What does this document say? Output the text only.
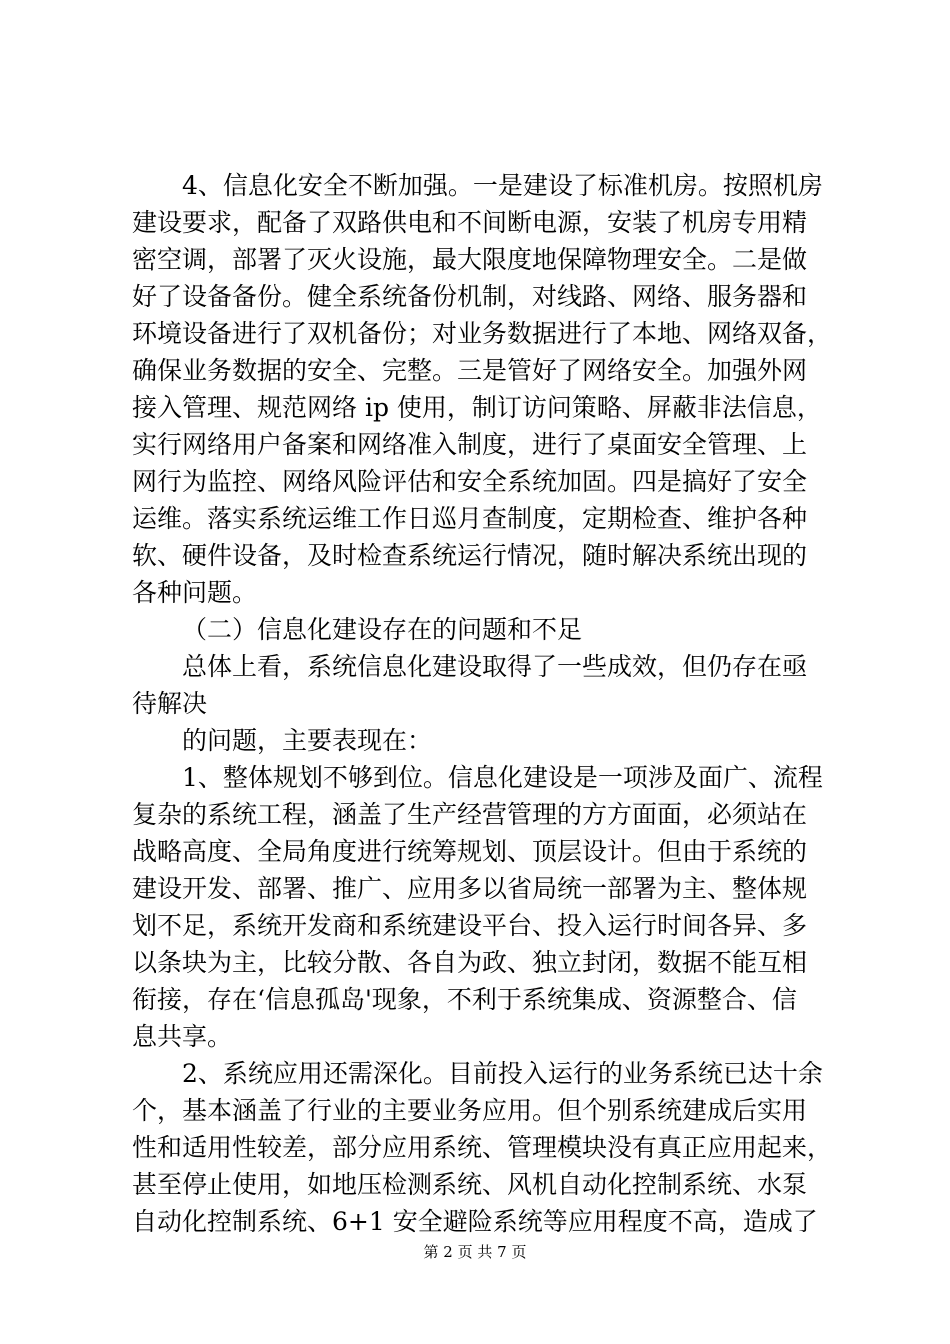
4、信息化安全不断加强。一是建设了标准机房。按照机房
建设要求，配备了双路供电和不间断电源，安装了机房专用精
密空调，部署了灭火设施，最大限度地保障物理安全。二是做
好了设备备份。健全系统备份机制，对线路、网络、服务器和
环境设备进行了双机备份；对业务数据进行了本地、网络双备，
确保业务数据的安全、完整。三是管好了网络安全。加强外网
接入管理、规范网络 ip 使用，制订访问策略、屏蔽非法信息，
实行网络用户备案和网络准入制度，进行了桌面安全管理、上
网行为监控、网络风险评估和安全系统加固。四是搞好了安全
运维。落实系统运维工作日巡月查制度，定期检查、维护各种
软、硬件设备，及时检查系统运行情况，随时解决系统出现的
各种问题。
（二）信息化建设存在的问题和不足
总体上看，系统信息化建设取得了一些成效，但仍存在亟
待解决
的问题，主要表现在：
1、整体规划不够到位。信息化建设是一项涉及面广、流程
复杂的系统工程，涵盖了生产经营管理的方方面面，必须站在
战略高度、全局角度进行统筹规划、顶层设计。但由于系统的
建设开发、部署、推广、应用多以省局统一部署为主、整体规
划不足，系统开发商和系统建设平台、投入运行时间各异、多
以条块为主，比较分散、各自为政、独立封闭，数据不能互相
衔接，存在‘信息孤岛'现象，不利于系统集成、资源整合、信
息共享。
2、系统应用还需深化。目前投入运行的业务系统已达十余
个，基本涵盖了行业的主要业务应用。但个别系统建成后实用
性和适用性较差，部分应用系统、管理模块没有真正应用起来，
甚至停止使用，如地压检测系统、风机自动化控制系统、水泵
自动化控制系统、6+1 安全避险系统等应用程度不高，造成了
第 2 页 共 7 页
